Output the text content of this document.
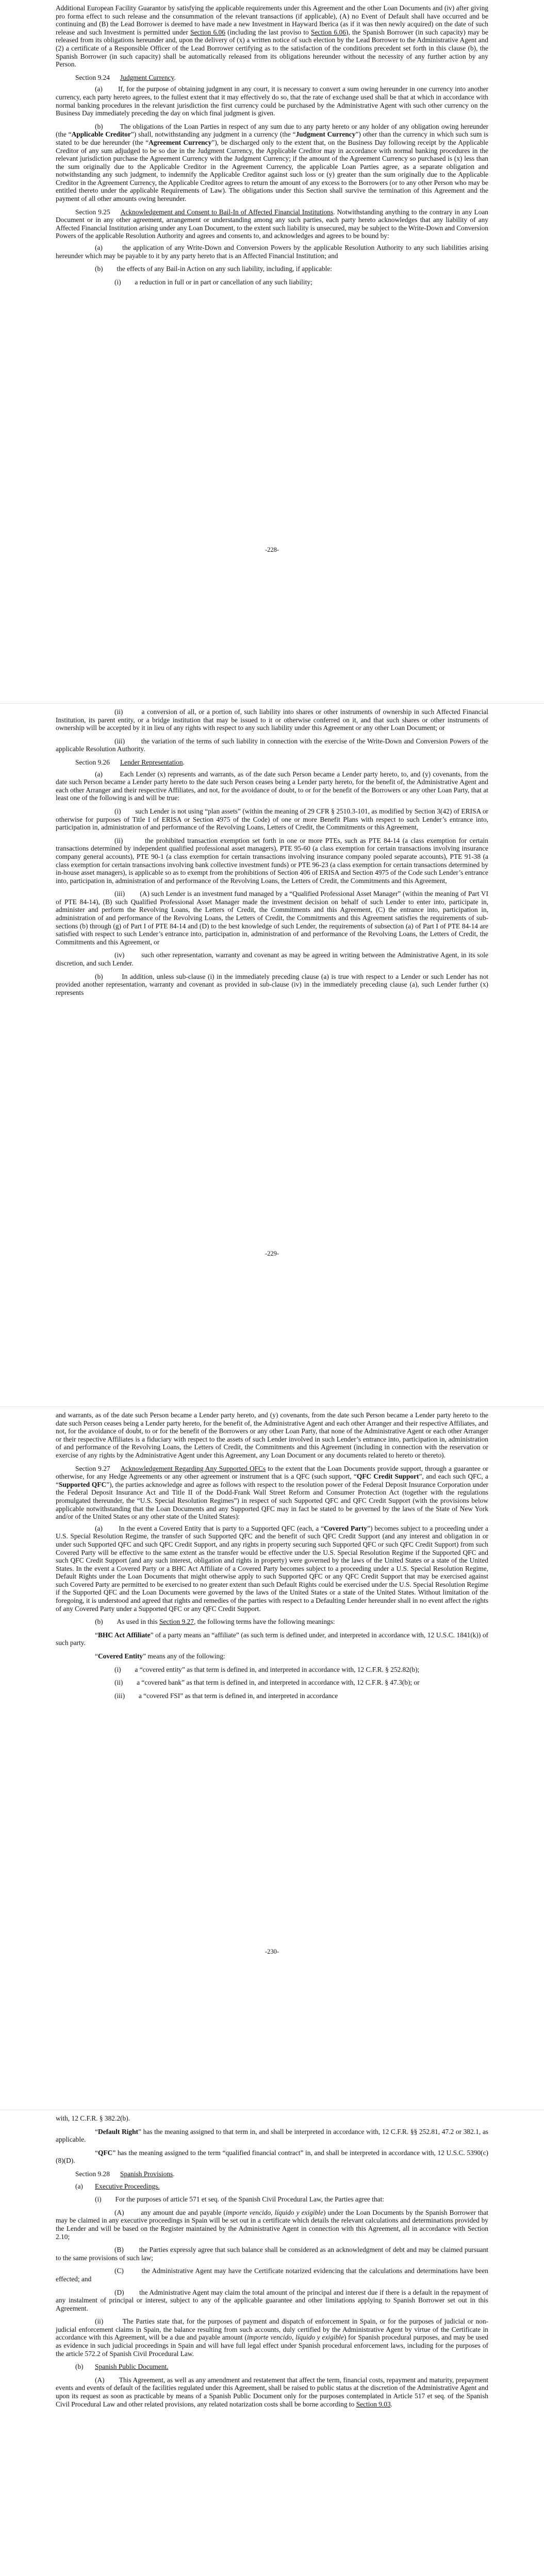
Additional European Facility Guarantor by satisfying the applicable requirements under this Agreement and the other Loan Documents and (iv) after giving pro forma effect to such release and the consummation of the relevant transactions (if applicable), (A) no Event of Default shall have occurred and be continuing and (B) the Lead Borrower is deemed to have made a new Investment in Hayward Iberica (as if it was then newly acquired) on the date of such release and such Investment is permitted under Section 6.06 (including the last proviso to Section 6.06), the Spanish Borrower (in such capacity) may be released from its obligations hereunder and, upon the delivery of (x) a written notice of such election by the Lead Borrower to the Administrative Agent and (2) a certificate of a Responsible Officer of the Lead Borrower certifying as to the satisfaction of the conditions precedent set forth in this clause (b), the Spanish Borrower (in such capacity) shall be automatically released from its obligations hereunder without the necessity of any further action by any Person.

Section 9.24 Judgment Currency.

(a)        If, for the purpose of obtaining judgment in any court, it is necessary to convert a sum owing hereunder in one currency into another currency, each party hereto agrees, to the fullest extent that it may effectively do so, that the rate of exchange used shall be that at which in accordance with normal banking procedures in the relevant jurisdiction the first currency could be purchased by the Administrative Agent with such other currency on the Business Day immediately preceding the day on which final judgment is given.

(b)        The obligations of the Loan Parties in respect of any sum due to any party hereto or any holder of any obligation owing hereunder (the “Applicable Creditor”) shall, notwithstanding any judgment in a currency (the “Judgment Currency”) other than the currency in which such sum is stated to be due hereunder (the “Agreement Currency”), be discharged only to the extent that, on the Business Day following receipt by the Applicable Creditor of any sum adjudged to be so due in the Judgment Currency, the Applicable Creditor may in accordance with normal banking procedures in the relevant jurisdiction purchase the Agreement Currency with the Judgment Currency; if the amount of the Agreement Currency so purchased is (x) less than the sum originally due to the Applicable Creditor in the Agreement Currency, the applicable Loan Parties agree, as a separate obligation and notwithstanding any such judgment, to indemnify the Applicable Creditor against such loss or (y) greater than the sum originally due to the Applicable Creditor in the Agreement Currency, the Applicable Creditor agrees to return the amount of any excess to the Borrowers (or to any other Person who may be entitled thereto under the applicable Requirements of Law). The obligations under this Section shall survive the termination of this Agreement and the payment of all other amounts owing hereunder.

Section 9.25 Acknowledgement and Consent to Bail-In of Affected Financial Institutions. Notwithstanding anything to the contrary in any Loan Document or in any other agreement, arrangement or understanding among any such parties, each party hereto acknowledges that any liability of any Affected Financial Institution arising under any Loan Document, to the extent such liability is unsecured, may be subject to the Write-Down and Conversion Powers of the applicable Resolution Authority and agrees and consents to, and acknowledges and agrees to be bound by:

(a)        the application of any Write-Down and Conversion Powers by the applicable Resolution Authority to any such liabilities arising hereunder which may be payable to it by any party hereto that is an Affected Financial Institution; and

(b)        the effects of any Bail-in Action on any such liability, including, if applicable:

(i)        a reduction in full or in part or cancellation of any such liability;

-228-

(ii)        a conversion of all, or a portion of, such liability into shares or other instruments of ownership in such Affected Financial Institution, its parent entity, or a bridge institution that may be issued to it or otherwise conferred on it, and that such shares or other instruments of ownership will be accepted by it in lieu of any rights with respect to any such liability under this Agreement or any other Loan Document; or

(iii)        the variation of the terms of such liability in connection with the exercise of the Write-Down and Conversion Powers of the applicable Resolution Authority.

Section 9.26 Lender Representation.

(a)        Each Lender (x) represents and warrants, as of the date such Person became a Lender party hereto, to, and (y) covenants, from the date such Person became a Lender party hereto to the date such Person ceases being a Lender party hereto, for the benefit of, the Administrative Agent and each other Arranger and their respective Affiliates, and not, for the avoidance of doubt, to or for the benefit of the Borrowers or any other Loan Party, that at least one of the following is and will be true:

(i)        such Lender is not using “plan assets” (within the meaning of 29 CFR § 2510.3-101, as modified by Section 3(42) of ERISA or otherwise for purposes of Title I of ERISA or Section 4975 of the Code) of one or more Benefit Plans with respect to such Lender’s entrance into, participation in, administration of and performance of the Revolving Loans, Letters of Credit, the Commitments or this Agreement,

(ii)        the prohibited transaction exemption set forth in one or more PTEs, such as PTE 84-14 (a class exemption for certain transactions determined by independent qualified professional asset managers), PTE 95-60 (a class exemption for certain transactions involving insurance company general accounts), PTE 90-1 (a class exemption for certain transactions involving insurance company pooled separate accounts), PTE 91-38 (a class exemption for certain transactions involving bank collective investment funds) or PTE 96-23 (a class exemption for certain transactions determined by in-house asset managers), is applicable so as to exempt from the prohibitions of Section 406 of ERISA and Section 4975 of the Code such Lender’s entrance into, participation in, administration of and performance of the Revolving Loans, the Letters of Credit, the Commitments and this Agreement,

(iii)        (A) such Lender is an investment fund managed by a “Qualified Professional Asset Manager” (within the meaning of Part VI of PTE 84-14), (B) such Qualified Professional Asset Manager made the investment decision on behalf of such Lender to enter into, participate in, administer and perform the Revolving Loans, the Letters of Credit, the Commitments and this Agreement, (C) the entrance into, participation in, administration of and performance of the Revolving Loans, the Letters of Credit, the Commitments and this Agreement satisfies the requirements of sub-sections (b) through (g) of Part I of PTE 84-14 and (D) to the best knowledge of such Lender, the requirements of subsection (a) of Part I of PTE 84-14 are satisfied with respect to such Lender’s entrance into, participation in, administration of and performance of the Revolving Loans, the Letters of Credit, the Commitments and this Agreement, or

(iv)        such other representation, warranty and covenant as may be agreed in writing between the Administrative Agent, in its sole discretion, and such Lender.

(b)        In addition, unless sub-clause (i) in the immediately preceding clause (a) is true with respect to a Lender or such Lender has not provided another representation, warranty and covenant as provided in sub-clause (iv) in the immediately preceding clause (a), such Lender further (x) represents

-229-

and warrants, as of the date such Person became a Lender party hereto, and (y) covenants, from the date such Person became a Lender party hereto to the date such Person ceases being a Lender party hereto, for the benefit of, the Administrative Agent and each other Arranger and their respective Affiliates, and not, for the avoidance of doubt, to or for the benefit of the Borrowers or any other Loan Party, that none of the Administrative Agent or each other Arranger or their respective Affiliates is a fiduciary with respect to the assets of such Lender involved in such Lender’s entrance into, participation in, administration of and performance of the Revolving Loans, the Letters of Credit, the Commitments and this Agreement (including in connection with the reservation or exercise of any rights by the Administrative Agent under this Agreement, any Loan Document or any documents related to hereto or thereto).

Section 9.27 Acknowledgement Regarding Any Supported QFCs to the extent that the Loan Documents provide support, through a guarantee or otherwise, for any Hedge Agreements or any other agreement or instrument that is a QFC (such support, “QFC Credit Support”, and each such QFC, a “Supported QFC”), the parties acknowledge and agree as follows with respect to the resolution power of the Federal Deposit Insurance Corporation under the Federal Deposit Insurance Act and Title II of the Dodd-Frank Wall Street Reform and Consumer Protection Act (together with the regulations promulgated thereunder, the “U.S. Special Resolution Regimes”) in respect of such Supported QFC and QFC Credit Support (with the provisions below applicable notwithstanding that the Loan Documents and any Supported QFC may in fact be stated to be governed by the laws of the State of New York and/or of the United States or any other state of the United States):

(a)        In the event a Covered Entity that is party to a Supported QFC (each, a “Covered Party”) becomes subject to a proceeding under a U.S. Special Resolution Regime, the transfer of such Supported QFC and the benefit of such QFC Credit Support (and any interest and obligation in or under such Supported QFC and such QFC Credit Support, and any rights in property securing such Supported QFC or such QFC Credit Support) from such Covered Party will be effective to the same extent as the transfer would be effective under the U.S. Special Resolution Regime if the Supported QFC and such QFC Credit Support (and any such interest, obligation and rights in property) were governed by the laws of the United States or a state of the United States. In the event a Covered Party or a BHC Act Affiliate of a Covered Party becomes subject to a proceeding under a U.S. Special Resolution Regime, Default Rights under the Loan Documents that might otherwise apply to such Supported QFC or any QFC Credit Support that may be exercised against such Covered Party are permitted to be exercised to no greater extent than such Default Rights could be exercised under the U.S. Special Resolution Regime if the Supported QFC and the Loan Documents were governed by the laws of the United States or a state of the United States. Without limitation of the foregoing, it is understood and agreed that rights and remedies of the parties with respect to a Defaulting Lender hereunder shall in no event affect the rights of any Covered Party under a Supported QFC or any QFC Credit Support.

(b)        As used in this Section 9.27, the following terms have the following meanings:

“BHC Act Affiliate” of a party means an “affiliate” (as such term is defined under, and interpreted in accordance with, 12 U.S.C. 1841(k)) of such party.

“Covered Entity” means any of the following:

(i)        a “covered entity” as that term is defined in, and interpreted in accordance with, 12 C.F.R. § 252.82(b);

(ii)        a “covered bank” as that term is defined in, and interpreted in accordance with, 12 C.F.R. § 47.3(b); or

(iii)        a “covered FSI” as that term is defined in, and interpreted in accordance

-230-

with, 12 C.F.R. § 382.2(b).

“Default Right” has the meaning assigned to that term in, and shall be interpreted in accordance with, 12 C.F.R. §§ 252.81, 47.2 or 382.1, as applicable.

“QFC” has the meaning assigned to the term “qualified financial contract” in, and shall be interpreted in accordance with, 12 U.S.C. 5390(c)(8)(D).

Section 9.28 Spanish Provisions.

(a) Executive Proceedings.

(i)        For the purposes of article 571 et seq. of the Spanish Civil Procedural Law, the Parties agree that:

(A)        any amount due and payable (importe vencido, líquido y exigible) under the Loan Documents by the Spanish Borrower that may be claimed in any executive proceedings in Spain will be set out in a certificate which details the relevant calculations and determinations provided by the Lender and will be based on the Register maintained by the Administrative Agent in connection with this Agreement, all in accordance with Section 2.10;

(B)        the Parties expressly agree that such balance shall be considered as an acknowledgment of debt and may be claimed pursuant to the same provisions of such law;

(C)        the Administrative Agent may have the Certificate notarized evidencing that the calculations and determinations have been effected; and

(D)        the Administrative Agent may claim the total amount of the principal and interest due if there is a default in the repayment of any instalment of principal or interest, subject to any of the applicable guarantee and other limitations applying to Spanish Borrower set out in this Agreement.

(ii)        The Parties state that, for the purposes of payment and dispatch of enforcement in Spain, or for the purposes of judicial or non-judicial enforcement claims in Spain, the balance resulting from such accounts, duly certified by the Administrative Agent by virtue of the Certificate in accordance with this Agreement, will be a due and payable amount (importe vencido, líquido y exigible) for Spanish procedural purposes, and may be used as evidence in such judicial proceedings in Spain and will have full legal effect under Spanish procedural enforcement laws, including for the purposes of the article 572.2 of Spanish Civil Procedural Law.

(b) Spanish Public Document.

(A)        This Agreement, as well as any amendment and restatement that affect the term, financial costs, repayment and maturity, prepayment events and events of default of the facilities regulated under this Agreement, shall be raised to public status at the discretion of the Administrative Agent and upon its request as soon as practicable by means of a Spanish Public Document only for the purposes contemplated in Article 517 et seq. of the Spanish Civil Procedural Law and other related provisions, any related notarization costs shall be borne according to Section 9.03.
